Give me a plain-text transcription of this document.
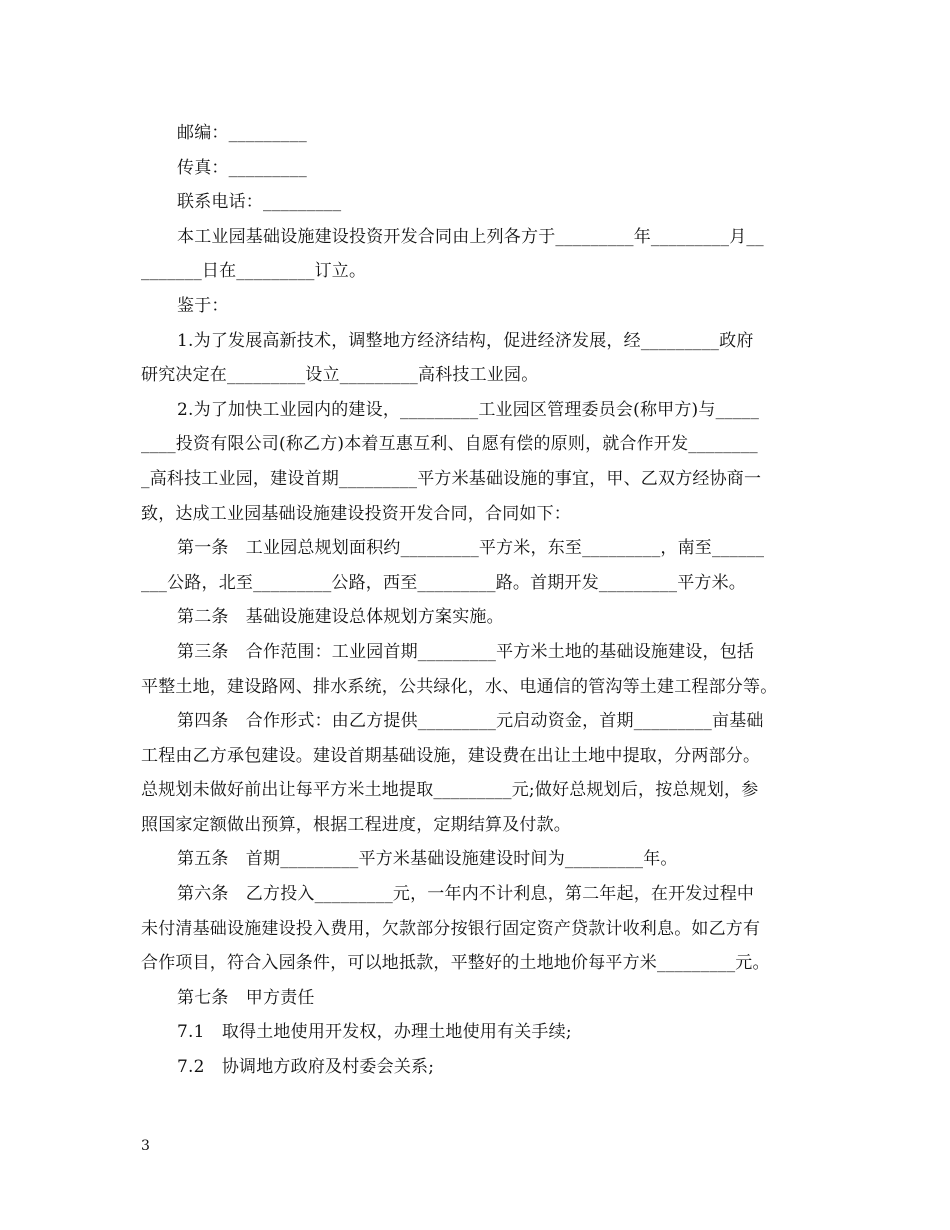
邮编：_________
传真：_________
联系电话：_________
本工业园基础设施建设投资开发合同由上列各方于_________年_________月__
_______日在_________订立。
鉴于：
1.为了发展高新技术，调整地方经济结构，促进经济发展，经_________政府
研究决定在_________设立_________高科技工业园。
2.为了加快工业园内的建设，_________工业园区管理委员会(称甲方)与_____
____投资有限公司(称乙方)本着互惠互利、自愿有偿的原则，就合作开发________
_高科技工业园，建设首期_________平方米基础设施的事宜，甲、乙双方经协商一
致，达成工业园基础设施建设投资开发合同，合同如下：
第一条　工业园总规划面积约_________平方米，东至_________，南至______
___公路，北至_________公路，西至_________路。首期开发_________平方米。
第二条　基础设施建设总体规划方案实施。
第三条　合作范围：工业园首期_________平方米土地的基础设施建设，包括
平整土地，建设路网、排水系统，公共绿化，水、电通信的管沟等土建工程部分等。
第四条　合作形式：由乙方提供_________元启动资金，首期_________亩基础
工程由乙方承包建设。建设首期基础设施，建设费在出让土地中提取，分两部分。
总规划未做好前出让每平方米土地提取_________元;做好总规划后，按总规划，参
照国家定额做出预算，根据工程进度，定期结算及付款。
第五条　首期_________平方米基础设施建设时间为_________年。
第六条　乙方投入_________元，一年内不计利息，第二年起，在开发过程中
未付清基础设施建设投入费用，欠款部分按银行固定资产贷款计收利息。如乙方有
合作项目，符合入园条件，可以地抵款，平整好的土地地价每平方米_________元。
第七条　甲方责任
7.1　取得土地使用开发权，办理土地使用有关手续;
7.2　协调地方政府及村委会关系;
3
